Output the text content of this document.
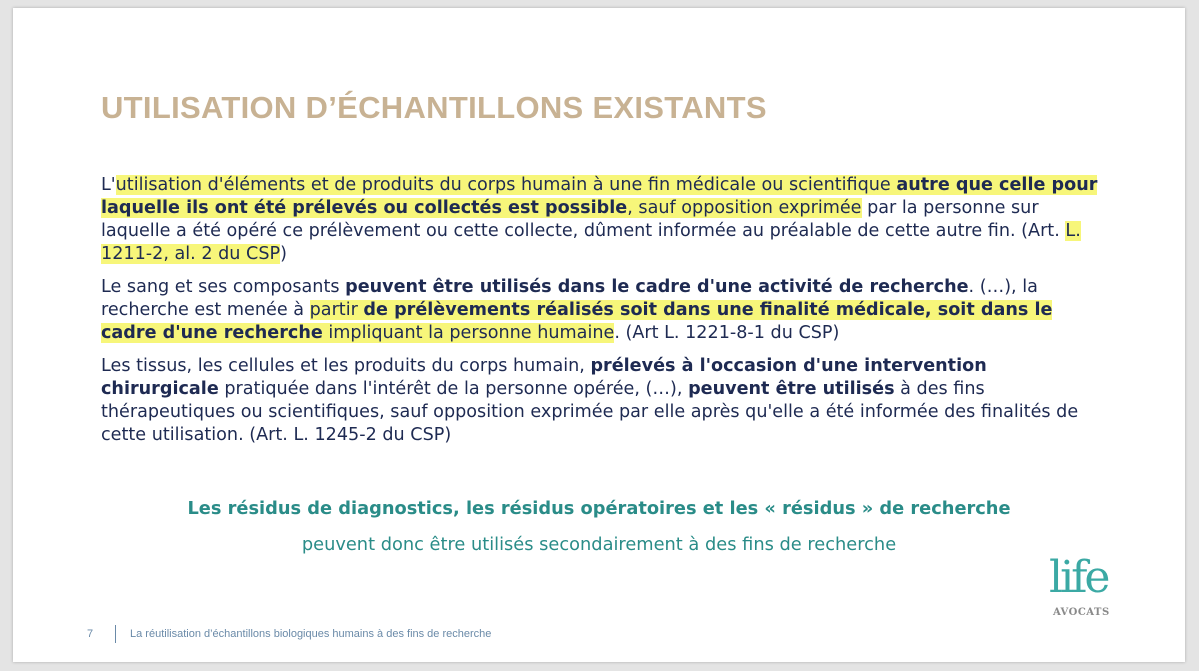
UTILISATION D’ÉCHANTILLONS EXISTANTS

L'utilisation d'éléments et de produits du corps humain à une fin médicale ou scientifique autre que celle pour laquelle ils ont été prélevés ou collectés est possible, sauf opposition exprimée par la personne sur laquelle a été opéré ce prélèvement ou cette collecte, dûment informée au préalable de cette autre fin. (Art. L. 1211-2, al. 2 du CSP)

Le sang et ses composants peuvent être utilisés dans le cadre d'une activité de recherche. (…), la recherche est menée à partir de prélèvements réalisés soit dans une finalité médicale, soit dans le cadre d'une recherche impliquant la personne humaine. (Art L. 1221-8-1 du CSP)

Les tissus, les cellules et les produits du corps humain, prélevés à l'occasion d'une intervention chirurgicale pratiquée dans l'intérêt de la personne opérée, (…), peuvent être utilisés à des fins thérapeutiques ou scientifiques, sauf opposition exprimée par elle après qu'elle a été informée des finalités de cette utilisation. (Art. L. 1245-2 du CSP)

Les résidus de diagnostics, les résidus opératoires et les « résidus » de recherche
peuvent donc être utilisés secondairement à des fins de recherche
life
AVOCATS
7	La réutilisation d’échantillons biologiques humains à des fins de recherche
